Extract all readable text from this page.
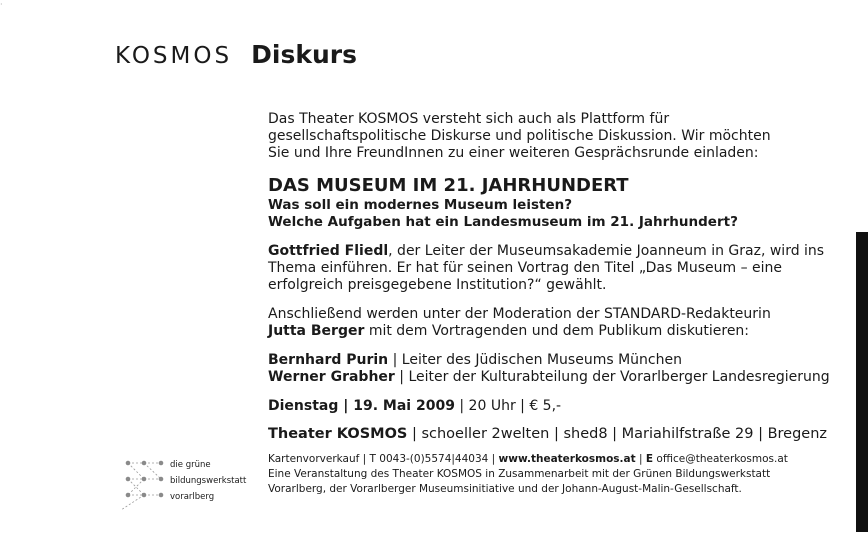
·
KOSMOS Diskurs

Das Theater KOSMOS versteht sich auch als Plattform für

gesellschaftspolitische Diskurse und politische Diskussion. Wir möchten

Sie und Ihre FreundInnen zu einer weiteren Gesprächsrunde einladen:

DAS MUSEUM IM 21. JAHRHUNDERT

Was soll ein modernes Museum leisten?

Welche Aufgaben hat ein Landesmuseum im 21. Jahrhundert?

Gottfried Fliedl, der Leiter der Museumsakademie Joanneum in Graz, wird ins

Thema einführen. Er hat für seinen Vortrag den Titel „Das Museum – eine

erfolgreich preisgegebene Institution?“ gewählt.

Anschließend werden unter der Moderation der STANDARD-Redakteurin

Jutta Berger mit dem Vortragenden und dem Publikum diskutieren:

Bernhard Purin | Leiter des Jüdischen Museums München

Werner Grabher | Leiter der Kulturabteilung der Vorarlberger Landesregierung

Dienstag | 19. Mai 2009 | 20 Uhr | € 5,-

Theater KOSMOS | schoeller 2welten | shed8 | Mariahilfstraße 29 | Bregenz

Kartenvorverkauf | T 0043-(0)5574|44034 | www.theaterkosmos.at | E office@theaterkosmos.at

Eine Veranstaltung des Theater KOSMOS in Zusammenarbeit mit der Grünen Bildungswerkstatt

Vorarlberg, der Vorarlberger Museumsinitiative und der Johann-August-Malin-Gesellschaft.

die grüne
bildungswerkstatt
vorarlberg
